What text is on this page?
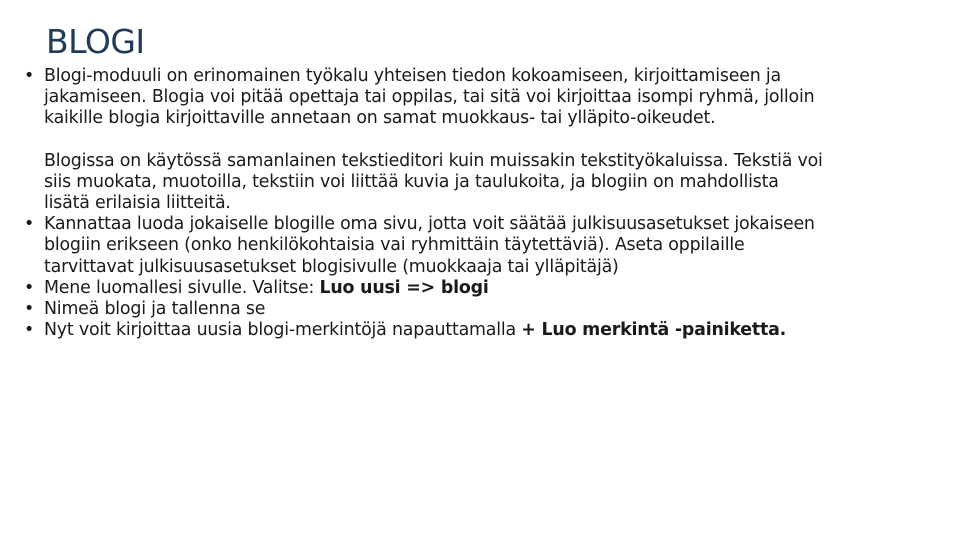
BLOGI

• Blogi-moduuli on erinomainen työkalu yhteisen tiedon kokoamiseen, kirjoittamiseen ja jakamiseen. Blogia voi pitää opettaja tai oppilas, tai sitä voi kirjoittaa isompi ryhmä, jolloin kaikille blogia kirjoittaville annetaan on samat muokkaus- tai ylläpito-oikeudet.

Blogissa on käytössä samanlainen tekstieditori kuin muissakin tekstityökaluissa. Tekstiä voi siis muokata, muotoilla, tekstiin voi liittää kuvia ja taulukoita, ja blogiin on mahdollista lisätä erilaisia liitteitä.

• Kannattaa luoda jokaiselle blogille oma sivu, jotta voit säätää julkisuusasetukset jokaiseen blogiin erikseen (onko henkilökohtaisia vai ryhmittäin täytettäviä). Aseta oppilaille tarvittavat julkisuusasetukset blogisivulle (muokkaaja tai ylläpitäjä)

• Mene luomallesi sivulle. Valitse: Luo uusi => blogi

• Nimeä blogi ja tallenna se

• Nyt voit kirjoittaa uusia blogi-merkintöjä napauttamalla + Luo merkintä -painiketta.
